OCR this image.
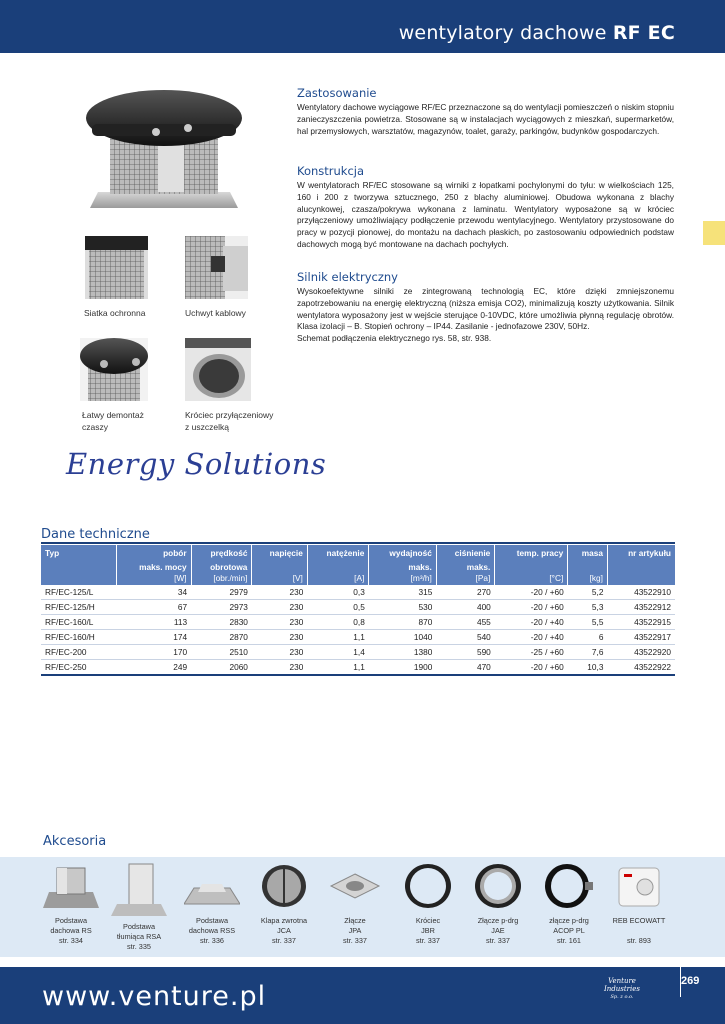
wentylatory dachowe RF EC
Siatka ochronna	Uchwyt kablowy
Łatwy demontaż
czaszy
Króciec przyłączeniowy
z uszczelką
Zastosowanie

Wentylatory dachowe wyciągowe RF/EC przeznaczone są do wentylacji pomieszczeń o niskim stopniu zanieczyszczenia powietrza. Stosowane są w instalacjach wyciągowych z mieszkań, supermarketów, hal przemysłowych, warsztatów, magazynów, toalet, garaży, parkingów, budynków gospodarczych.

Konstrukcja

W wentylatorach RF/EC stosowane są wirniki z łopatkami pochylonymi do tyłu: w wielkościach 125, 160 i 200 z tworzywa sztucznego, 250 z blachy aluminiowej. Obudowa wykonana z blachy alucynkowej, czasza/pokrywa wykonana z laminatu. Wentylatory wyposażone są w króciec przyłączeniowy umożliwiający podłączenie przewodu wentylacyjnego. Wentylatory przystosowane do pracy w pozycji pionowej, do montażu na dachach płaskich, po zastosowaniu odpowiednich podstaw dachowych mogą być montowane na dachach pochyłych.

Silnik elektryczny

Wysokoefektywne silniki ze zintegrowaną technologią EC, które dzięki zmniejszonemu zapotrzebowaniu na energię elektryczną (niższa emisja CO2), minimalizują koszty użytkowania. Silnik wentylatora wyposażony jest w wejście sterujące 0-10VDC, które umożliwia płynną regulację obrotów. Klasa izolacji – B. Stopień ochrony – IP44. Zasilanie - jednofazowe 230V, 50Hz.

Schemat podłączenia elektrycznego rys. 58, str. 938.

Energy Solutions
Dane techniczne
Typ	pobór	prędkość	napięcie	natężenie	wydajność	ciśnienie	temp. pracy	masa	nr artykułu
	maks. mocy	obrotowa			maks.	maks.			
	[W]	[obr./min]	[V]	[A]	[m³/h]	[Pa]	[°C]	[kg]	
RF/EC-125/L	34	2979	230	0,3	315	270	-20 / +60	5,2	43522910
RF/EC-125/H	67	2973	230	0,5	530	400	-20 / +60	5,3	43522912
RF/EC-160/L	113	2830	230	0,8	870	455	-20 / +40	5,5	43522915
RF/EC-160/H	174	2870	230	1,1	1040	540	-20 / +40	6	43522917
RF/EC-200	170	2510	230	1,4	1380	590	-25 / +60	7,6	43522920
RF/EC-250	249	2060	230	1,1	1900	470	-20 / +60	10,3	43522922
Akcesoria
Podstawa
dachowa RS
str. 334
Podstawa
tłumiąca RSA
str. 335
Podstawa
dachowa RSS
str. 336
Klapa zwrotna
JCA
str. 337
Złącze
JPA
str. 337
Króciec
JBR
str. 337
Złącze p-drg
JAE
str. 337
złącze p-drg
ACOP PL
str. 161
REB ECOWATT

str. 893
www.venture.pl	Venture
Industries
Sp. z o.o.
269
